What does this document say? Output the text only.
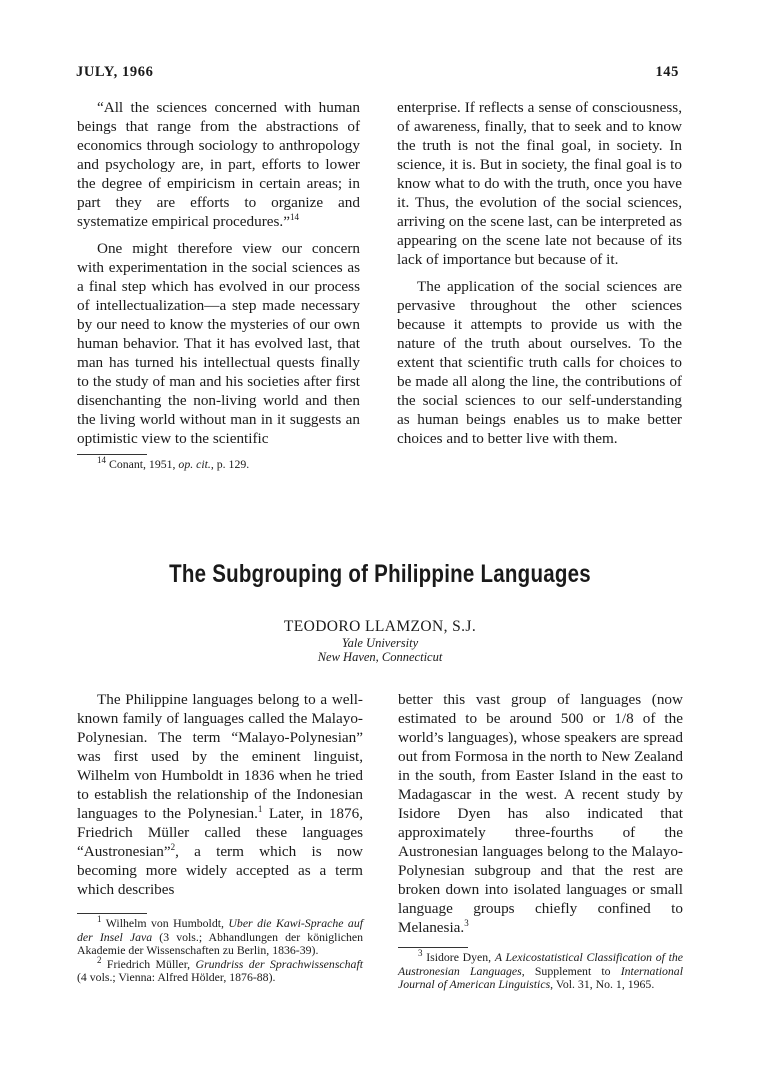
JULY, 1966	145

“All the sciences concerned with human beings that range from the abstractions of economics through sociology to anthropology and psychology are, in part, efforts to lower the degree of empiricism in certain areas; in part they are efforts to organize and systematize empirical procedures.”$^{14}$

One might therefore view our concern with experimentation in the social sciences as a final step which has evolved in our process of intellectualization—a step made necessary by our need to know the mysteries of our own human behavior. That it has evolved last, that man has turned his intellectual quests finally to the study of man and his societies after first disenchanting the non-living world and then the living world without man in it suggests an optimistic view to the scientific

$^{14}$ Conant, 1951, op. cit., p. 129.

enterprise. If reflects a sense of consciousness, of awareness, finally, that to seek and to know the truth is not the final goal, in society. In science, it is. But in society, the final goal is to know what to do with the truth, once you have it. Thus, the evolution of the social sciences, arriving on the scene last, can be interpreted as appearing on the scene late not because of its lack of importance but because of it.

The application of the social sciences are pervasive throughout the other sciences because it attempts to provide us with the nature of the truth about ourselves. To the extent that scientific truth calls for choices to be made all along the line, the contributions of the social sciences to our self-understanding as human beings enables us to make better choices and to better live with them.

The Subgrouping of Philippine Languages
TEODORO LLAMZON, S.J.
Yale University
New Haven, Connecticut

The Philippine languages belong to a well-known family of languages called the Malayo-Polynesian. The term “Malayo-Polynesian” was first used by the eminent linguist, Wilhelm von Humboldt in 1836 when he tried to establish the relationship of the Indonesian languages to the Polynesian.$^1$ Later, in 1876, Friedrich Müller called these languages “Austronesian”$^2$, a term which is now becoming more widely accepted as a term which describes

$^1$ Wilhelm von Humboldt, Uber die Kawi-Sprache auf der Insel Java (3 vols.; Abhandlungen der königlichen Akademie der Wissenschaften zu Berlin, 1836-39).

$^2$ Friedrich Müller, Grundriss der Sprachwissenschaft (4 vols.; Vienna: Alfred Hölder, 1876-88).

better this vast group of languages (now estimated to be around 500 or 1/8 of the world’s languages), whose speakers are spread out from Formosa in the north to New Zealand in the south, from Easter Island in the east to Madagascar in the west. A recent study by Isidore Dyen has also indicated that approximately three-fourths of the Austronesian languages belong to the Malayo-Polynesian subgroup and that the rest are broken down into isolated languages or small language groups chiefly confined to Melanesia.$^3$

$^3$ Isidore Dyen, A Lexicostatistical Classification of the Austronesian Languages, Supplement to International Journal of American Linguistics, Vol. 31, No. 1, 1965.
